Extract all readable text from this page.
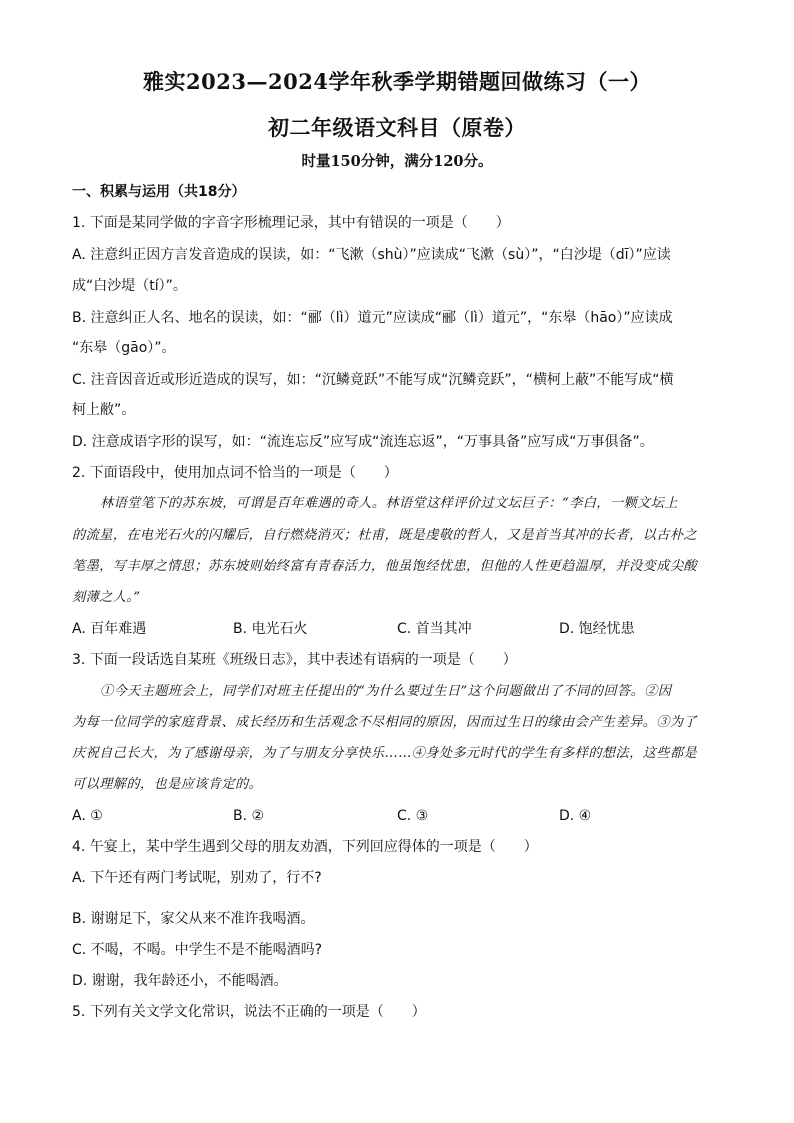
雅实2023—2024学年秋季学期错题回做练习（一）
初二年级语文科目（原卷）
时量150分钟，满分120分。
一、积累与运用（共18分）
1. 下面是某同学做的字音字形梳理记录，其中有错误的一项是（　　）
A. 注意纠正因方言发音造成的误读，如：“飞漱（shù）”应读成“飞漱（sù）”，“白沙堤（dī）”应读
成“白沙堤（tí）”。
B. 注意纠正人名、地名的误读，如：“郦（lì）道元”应读成“郦（lì）道元”，“东皋（hāo）”应读成
“东皋（gāo）”。
C. 注音因音近或形近造成的误写，如：“沉鳞竟跃”不能写成“沉鳞竞跃”，“横柯上蔽”不能写成“横
柯上敝”。
D. 注意成语字形的误写，如：“流连忘反”应写成“流连忘返”，“万事具备”应写成“万事俱备”。
2. 下面语段中，使用加点词不恰当的一项是（　　）
林语堂笔下的苏东坡，可谓是百年难遇的奇人。林语堂这样评价过文坛巨子：“李白，一颗文坛上
的流星，在电光石火的闪耀后，自行燃烧消灭；杜甫，既是虔敬的哲人，又是首当其冲的长者，以古朴之
笔墨，写丰厚之情思；苏东坡则始终富有青春活力，他虽饱经忧患，但他的人性更趋温厚，并没变成尖酸
刻薄之人。”
A. 百年难遇	B. 电光石火	C. 首当其冲	D. 饱经忧患
3. 下面一段话选自某班《班级日志》，其中表述有语病的一项是（　　）
①今天主题班会上，同学们对班主任提出的“为什么要过生日”这个问题做出了不同的回答。②因
为每一位同学的家庭背景、成长经历和生活观念不尽相同的原因，因而过生日的缘由会产生差异。③为了
庆祝自己长大，为了感谢母亲，为了与朋友分享快乐……④身处多元时代的学生有多样的想法，这些都是
可以理解的，也是应该肯定的。
A. ①	B. ②	C. ③	D. ④
4. 午宴上，某中学生遇到父母的朋友劝酒，下列回应得体的一项是（　　）
A. 下午还有两门考试呢，别劝了，行不?
B. 谢谢足下，家父从来不准许我喝酒。
C. 不喝，不喝。中学生不是不能喝酒吗?
D. 谢谢，我年龄还小，不能喝酒。
5. 下列有关文学文化常识，说法不正确的一项是（　　）
